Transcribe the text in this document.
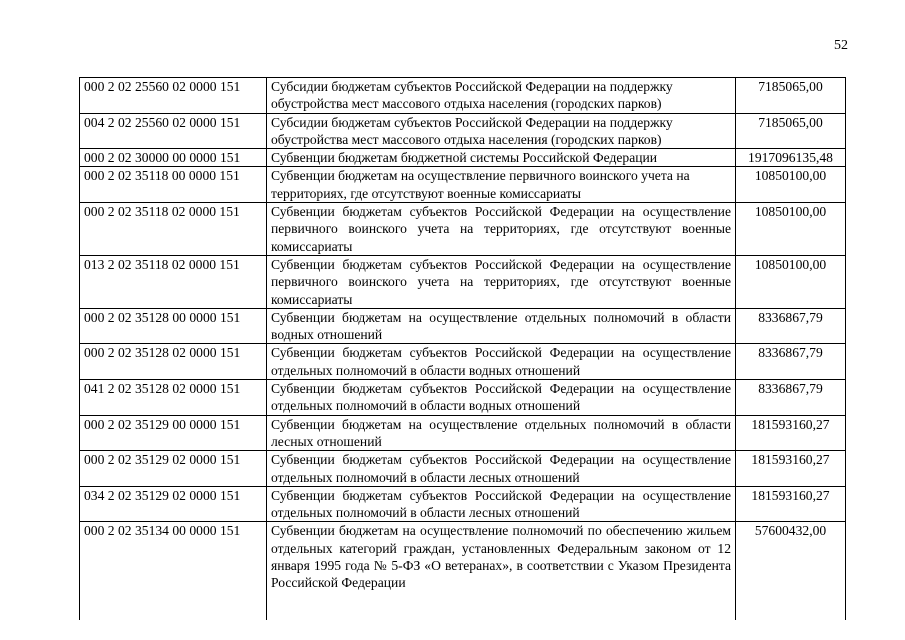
52
000 2 02 25560 02 0000 151	Субсидии бюджетам субъектов Российской Федерации на поддержку обустройства мест массового отдыха населения (городских парков)	7185065,00
004 2 02 25560 02 0000 151	Субсидии бюджетам субъектов Российской Федерации на поддержку обустройства мест массового отдыха населения (городских парков)	7185065,00
000 2 02 30000 00 0000 151	Субвенции бюджетам бюджетной системы Российской Федерации	1917096135,48
000 2 02 35118 00 0000 151	Субвенции бюджетам на осуществление первичного воинского учета на территориях, где отсутствуют военные комиссариаты	10850100,00
000 2 02 35118 02 0000 151	Субвенции бюджетам субъектов Российской Федерации на осуществление первичного воинского учета на территориях, где отсутствуют военные комиссариаты	10850100,00
013 2 02 35118 02 0000 151	Субвенции бюджетам субъектов Российской Федерации на осуществление первичного воинского учета на территориях, где отсутствуют военные комиссариаты	10850100,00
000 2 02 35128 00 0000 151	Субвенции бюджетам на осуществление отдельных полномочий в области водных отношений	8336867,79
000 2 02 35128 02 0000 151	Субвенции бюджетам субъектов Российской Федерации на осуществление отдельных полномочий в области водных отношений	8336867,79
041 2 02 35128 02 0000 151	Субвенции бюджетам субъектов Российской Федерации на осуществление отдельных полномочий в области водных отношений	8336867,79
000 2 02 35129 00 0000 151	Субвенции бюджетам на осуществление отдельных полномочий в области лесных отношений	181593160,27
000 2 02 35129 02 0000 151	Субвенции бюджетам субъектов Российской Федерации на осуществление отдельных полномочий в области лесных отношений	181593160,27
034 2 02 35129 02 0000 151	Субвенции бюджетам субъектов Российской Федерации на осуществление отдельных полномочий в области лесных отношений	181593160,27
000 2 02 35134 00 0000 151	Субвенции бюджетам на осуществление полномочий по обеспечению жильем отдельных категорий граждан, установленных Федеральным законом от 12 января 1995 года № 5-ФЗ «О ветеранах», в соответствии с Указом Президента Российской Федерации	57600432,00
